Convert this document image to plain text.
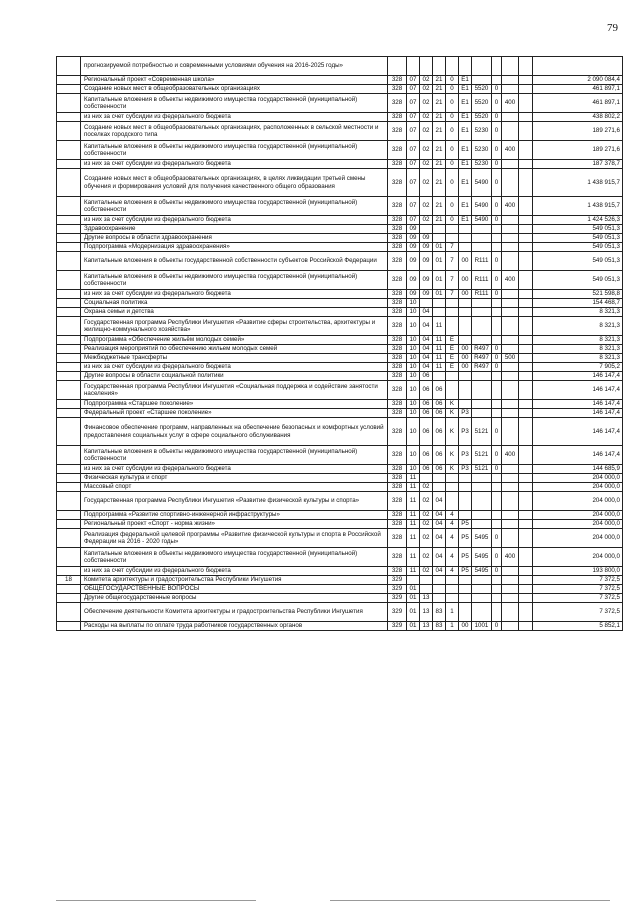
79
	прогнозируемой потребностью и современными условиями обучения на 2016-2025 годы»											
	Региональный проект «Современная школа»	328	07	02	21	0	E1					2 090 084,4
	Создание новых мест в общеобразовательных организациях	328	07	02	21	0	E1	5520	0			461 897,1
	Капитальные вложения в объекты недвижимого имущества государственной (муниципальной) собственности	328	07	02	21	0	E1	5520	0	400		461 897,1
	из них за счет субсидии из федерального бюджета	328	07	02	21	0	E1	5520	0			438 802,2
	Создание новых мест в общеобразовательных организациях, расположенных в сельской местности и поселках городского типа	328	07	02	21	0	E1	5230	0			189 271,6
	Капитальные вложения в объекты недвижимого имущества государственной (муниципальной) собственности	328	07	02	21	0	E1	5230	0	400		189 271,6
	из них за счет субсидии из федерального бюджета	328	07	02	21	0	E1	5230	0			187 378,7
	Создание новых мест в общеобразовательных организациях, в целях ликвидации третьей смены обучения и формирования условий для получения качественного общего образования	328	07	02	21	0	E1	5490	0			1 438 915,7
	Капитальные вложения в объекты недвижимого имущества государственной (муниципальной) собственности	328	07	02	21	0	E1	5490	0	400		1 438 915,7
	из них за счет субсидии из федерального бюджета	328	07	02	21	0	E1	5490	0			1 424 526,3
	Здравоохранение	328	09									549 051,3
	Другие вопросы в области здравоохранения	328	09	09								549 051,3
	Подпрограмма «Модернизация здравоохранения»	328	09	09	01	7						549 051,3
	Капитальные вложения в объекты государственной собственности субъектов Российской Федерации	328	09	09	01	7	00	R111	0			549 051,3
	Капитальные вложения в объекты недвижимого имущества государственной (муниципальной) собственности	328	09	09	01	7	00	R111	0	400		549 051,3
	из них за счет субсидии из федерального бюджета	328	09	09	01	7	00	R111	0			521 598,8
	Социальная политика	328	10									154 468,7
	Охрана семьи и детства	328	10	04								8 321,3
	Государственная программа Республики Ингушетия «Развитие сферы строительства, архитектуры и жилищно-коммунального хозяйства»	328	10	04	11							8 321,3
	Подпрограмма «Обеспечение жильём молодых семей»	328	10	04	11	E						8 321,3
	Реализация мероприятий по обеспечению жильем молодых семей	328	10	04	11	E	00	R497	0			8 321,3
	Межбюджетные трансферты	328	10	04	11	E	00	R497	0	500		8 321,3
	из них за счет субсидии из федерального бюджета	328	10	04	11	E	00	R497	0			7 905,2
	Другие вопросы в области социальной политики	328	10	06								146 147,4
	Государственная программа Республики Ингушетия «Социальная поддержка и содействие занятости населения»	328	10	06	06							146 147,4
	Подпрограмма «Старшее поколение»	328	10	06	06	K						146 147,4
	Федеральный проект «Старшее поколение»	328	10	06	06	K	P3					146 147,4
	Финансовое обеспечение программ, направленных на обеспечение безопасных и комфортных условий предоставления социальных услуг в сфере социального обслуживания	328	10	06	06	K	P3	5121	0			146 147,4
	Капитальные вложения в объекты недвижимого имущества государственной (муниципальной) собственности	328	10	06	06	K	P3	5121	0	400		146 147,4
	из них за счет субсидии из федерального бюджета	328	10	06	06	K	P3	5121	0			144 685,9
	Физическая культура и спорт	328	11									204 000,0
	Массовый спорт	328	11	02								204 000,0
	Государственная программа Республики Ингушетия «Развитие физической культуры и спорта»	328	11	02	04							204 000,0
	Подпрограмма «Развитие спортивно-инженерной инфраструктуры»	328	11	02	04	4						204 000,0
	Региональный проект «Спорт - норма жизни»	328	11	02	04	4	P5					204 000,0
	Реализация федеральной целевой программы «Развитие физической культуры и спорта в Российской Федерации на 2016 - 2020 годы»	328	11	02	04	4	P5	5495	0			204 000,0
	Капитальные вложения в объекты недвижимого имущества государственной (муниципальной) собственности	328	11	02	04	4	P5	5495	0	400		204 000,0
	из них за счет субсидии из федерального бюджета	328	11	02	04	4	P5	5495	0			193 800,0
18	Комитета архитектуры и градостроительства Республики Ингушетия	329										7 372,5
	ОБЩЕГОСУДАРСТВЕННЫЕ ВОПРОСЫ	329	01									7 372,5
	Другие общегосударственные вопросы	329	01	13								7 372,5
	Обеспечение деятельности Комитета архитектуры и градостроительства Республики Ингушетия	329	01	13	83	1						7 372,5
	Расходы на выплаты по оплате труда работников государственных органов	329	01	13	83	1	00	1001	0			5 852,1
